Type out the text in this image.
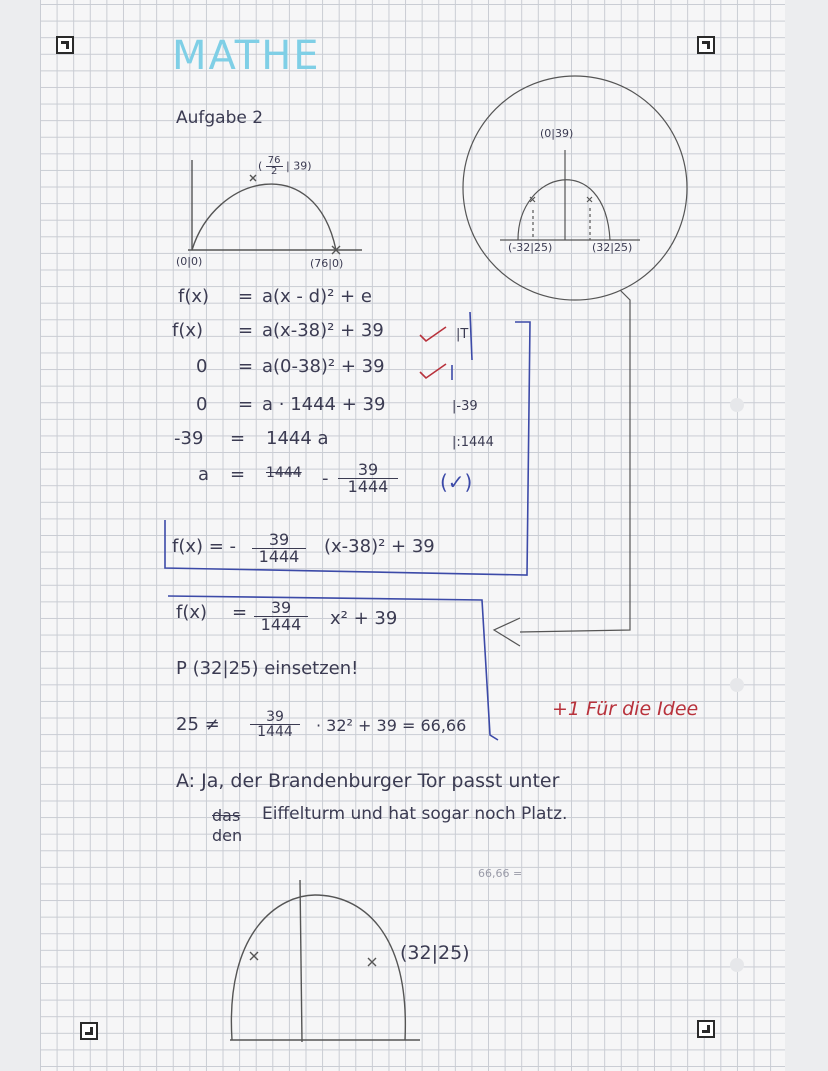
MATHE
Aufgabe 2
( $\frac{76}{2}$ | 39)
(0|0)	(76|0)
(0|39)
(-32|25)	(32|25)
f(x) = a(x - d)² + e
f(x) = a(x-38)² + 39	|T
0 = a(0-38)² + 39
0 = a · 1444 + 39	|-39
-39 = 1444 a	|:1444
$a = 1444 - \frac{39}{1444}$ (✓)
f(x) = - $\frac{39}{1444} (x-38)^2 + 39$
$f(x) = \frac{39}{1444} x^2 + 39$
P (32|25) einsetzen!
$25 \ne \frac{39}{1444} \cdot 32^2 + 39 = 66,66$
+1 Für die Idee
A: Ja, der Brandenburger Tor passt unter
das Eiffelturm und hat sogar noch Platz.
den
66,66 =
(32|25)
